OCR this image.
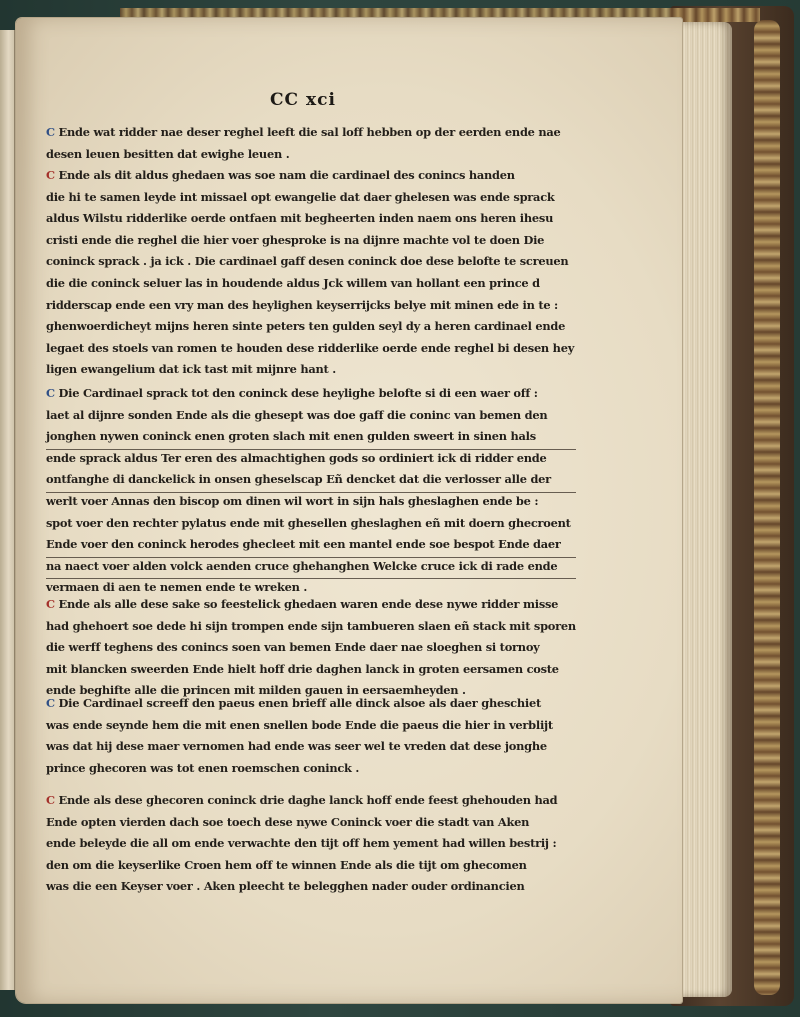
CC xci
C Ende wat ridder nae deser reghel leeft die sal loff hebben op der eerden ende nae
desen leuen besitten dat ewighe leuen .
C Ende als dit aldus ghedaen was soe nam die cardinael des conincs handen
die hi te samen leyde int missael opt ewangelie dat daer ghelesen was ende sprack
aldus Wilstu ridderlike oerde ontfaen mit begheerten inden naem ons heren ihesu
cristi ende die reghel die hier voer ghesproke is na dijnre machte vol te doen Die
coninck sprack . ja ick . Die cardinael gaff desen coninck doe dese belofte te screuen
die die coninck seluer las in houdende aldus Jck willem van hollant een prince d
ridderscap ende een vry man des heylighen keyserrijcks belye mit minen ede in te :
ghenwoerdicheyt mijns heren sinte peters ten gulden seyl dy a heren cardinael ende
legaet des stoels van romen te houden dese ridderlike oerde ende reghel bi desen hey
ligen ewangelium dat ick tast mit mijnre hant .
C Die Cardinael sprack tot den coninck dese heylighe belofte si di een waer off :
laet al dijnre sonden Ende als die ghesept was doe gaff die coninc van bemen den
jonghen nywen coninck enen groten slach mit enen gulden sweert in sinen hals
ende sprack aldus Ter eren des almachtighen gods so ordiniert ick di ridder ende
ontfanghe di danckelick in onsen gheselscap Eñ dencket dat die verlosser alle der
werlt voer Annas den biscop om dinen wil wort in sijn hals gheslaghen ende be :
spot voer den rechter pylatus ende mit ghesellen gheslaghen eñ mit doern ghecroent
Ende voer den coninck herodes ghecleet mit een mantel ende soe bespot Ende daer
na naect voer alden volck aenden cruce ghehanghen Welcke cruce ick di rade ende
vermaen di aen te nemen ende te wreken .
C Ende als alle dese sake so feestelick ghedaen waren ende dese nywe ridder misse
had ghehoert soe dede hi sijn trompen ende sijn tambueren slaen eñ stack mit sporen
die werff teghens des conincs soen van bemen Ende daer nae sloeghen si tornoy
mit blancken sweerden Ende hielt hoff drie daghen lanck in groten eersamen coste
ende beghifte alle die princen mit milden gauen in eersaemheyden .
C Die Cardinael screeff den paeus enen brieff alle dinck alsoe als daer gheschiet
was ende seynde hem die mit enen snellen bode Ende die paeus die hier in verblijt
was dat hij dese maer vernomen had ende was seer wel te vreden dat dese jonghe
prince ghecoren was tot enen roemschen coninck .
C Ende als dese ghecoren coninck drie daghe lanck hoff ende feest ghehouden had
Ende opten vierden dach soe toech dese nywe Coninck voer die stadt van Aken
ende beleyde die all om ende verwachte den tijt off hem yement had willen bestrij :
den om die keyserlike Croen hem off te winnen Ende als die tijt om ghecomen
was die een Keyser voer . Aken pleecht te belegghen nader ouder ordinancien
